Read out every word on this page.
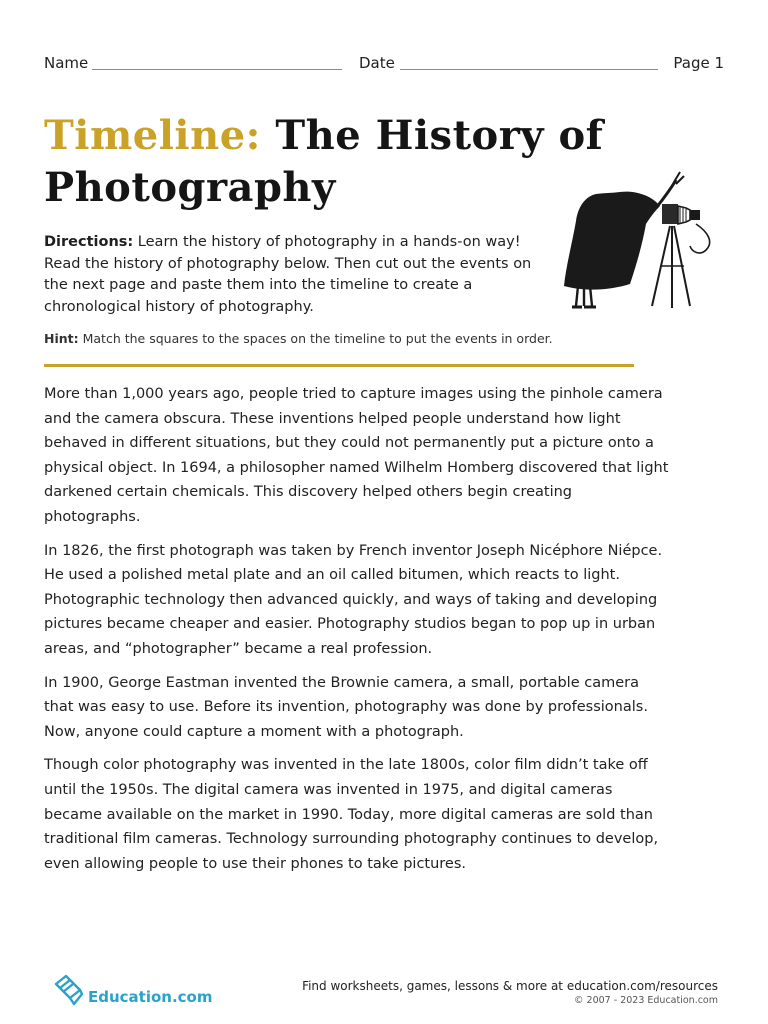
Name	Date	Page 1
Timeline: The History of Photography
Directions: Learn the history of photography in a hands-on way! Read the history of photography below. Then cut out the events on the next page and paste them into the timeline to create a chronological history of photography.
Hint: Match the squares to the spaces on the timeline to put the events in order.

More than 1,000 years ago, people tried to capture images using the pinhole camera and the camera obscura. These inventions helped people understand how light behaved in different situations, but they could not permanently put a picture onto a physical object. In 1694, a philosopher named Wilhelm Homberg discovered that light darkened certain chemicals. This discovery helped others begin creating photographs.

In 1826, the first photograph was taken by French inventor Joseph Nicéphore Niépce. He used a polished metal plate and an oil called bitumen, which reacts to light. Photographic technology then advanced quickly, and ways of taking and developing pictures became cheaper and easier. Photography studios began to pop up in urban areas, and “photographer” became a real profession.

In 1900, George Eastman invented the Brownie camera, a small, portable camera that was easy to use. Before its invention, photography was done by professionals. Now, anyone could capture a moment with a photograph.

Though color photography was invented in the late 1800s, color film didn’t take off until the 1950s. The digital camera was invented in 1975, and digital cameras became available on the market in 1990. Today, more digital cameras are sold than traditional film cameras. Technology surrounding photography continues to develop, even allowing people to use their phones to take pictures.

Education.com
Find worksheets, games, lessons & more at education.com/resources
© 2007 - 2023 Education.com
